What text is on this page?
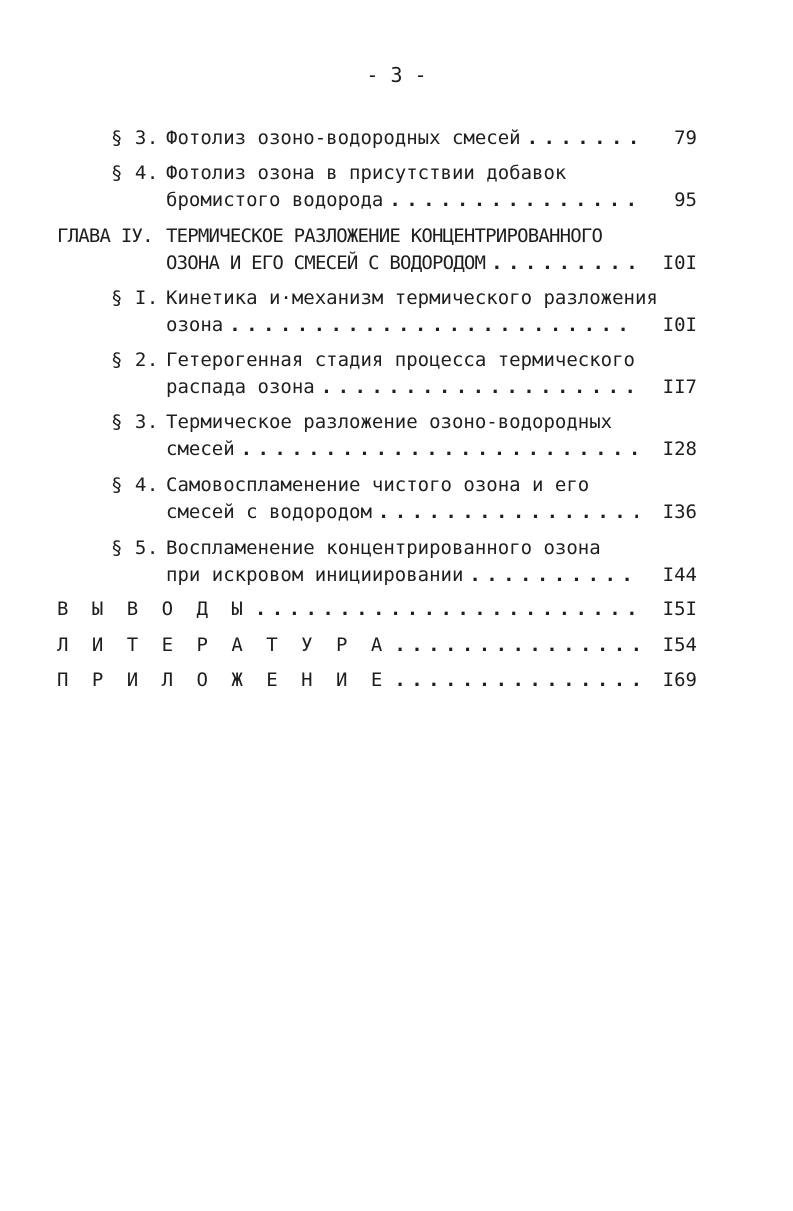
- 3 -
§ 3. Фотолиз озоно-водородных смесей . . .	79
§ 4. Фотолиз озона в присутствии добавок
бромистого водорода . . .	95
ГЛАВА IУ. ТЕРМИЧЕСКОЕ РАЗЛОЖЕНИЕ КОНЦЕНТРИРОВАННОГО
ОЗОНА И ЕГО СМЕСЕЙ С ВОДОРОДОМ . . .	I0I
§ I. Кинетика и·механизм термического разложения
озона . . .	I0I
§ 2. Гетерогенная стадия процесса термического
распада озона . . .	II7
§ 3. Термическое разложение озоно-водородных
смесей . . .	I28
§ 4. Самовоспламенение чистого озона и его
смесей с водородом . . .	I36
§ 5. Воспламенение концентрированного озона
при искровом инициировании . . .	I44
В Ы В О Д Ы . . .	I5I
Л И Т Е Р А Т У Р А . . .	I54
П Р И Л О Ж Е Н И Е . . .	I69
